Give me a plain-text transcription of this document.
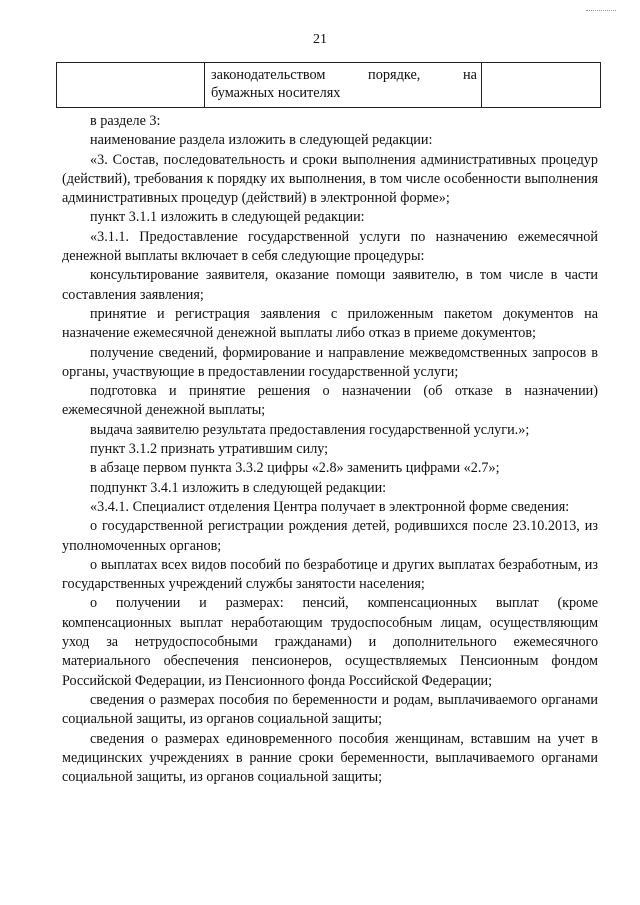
21

законодательством порядке, на
бумажных носителях

в разделе 3:

наименование раздела изложить в следующей редакции:

«3. Состав, последовательность и сроки выполнения административных процедур (действий), требования к порядку их выполнения, в том числе особенности выполнения административных процедур (действий) в электронной форме»;

пункт 3.1.1 изложить в следующей редакции:

«3.1.1. Предоставление государственной услуги по назначению ежемесячной денежной выплаты включает в себя следующие процедуры:

консультирование заявителя, оказание помощи заявителю, в том числе в части составления заявления;

принятие и регистрация заявления с приложенным пакетом документов на назначение ежемесячной денежной выплаты либо отказ в приеме документов;

получение сведений, формирование и направление межведомственных запросов в органы, участвующие в предоставлении государственной услуги;

подготовка и принятие решения о назначении (об отказе в назначении) ежемесячной денежной выплаты;

выдача заявителю результата предоставления государственной услуги.»;

пункт 3.1.2 признать утратившим силу;

в абзаце первом пункта 3.3.2 цифры «2.8» заменить цифрами «2.7»;

подпункт 3.4.1 изложить в следующей редакции:

«3.4.1. Специалист отделения Центра получает в электронной форме сведения:

о государственной регистрации рождения детей, родившихся после 23.10.2013, из уполномоченных органов;

о выплатах всех видов пособий по безработице и других выплатах безработным, из государственных учреждений службы занятости населения;

о получении и размерах: пенсий, компенсационных выплат (кроме компенсационных выплат неработающим трудоспособным лицам, осуществляющим уход за нетрудоспособными гражданами) и дополнительного ежемесячного материального обеспечения пенсионеров, осуществляемых Пенсионным фондом Российской Федерации, из Пенсионного фонда Российской Федерации;

сведения о размерах пособия по беременности и родам, выплачиваемого органами социальной защиты, из органов социальной защиты;

сведения о размерах единовременного пособия женщинам, вставшим на учет в медицинских учреждениях в ранние сроки беременности, выплачиваемого органами социальной защиты, из органов социальной защиты;
